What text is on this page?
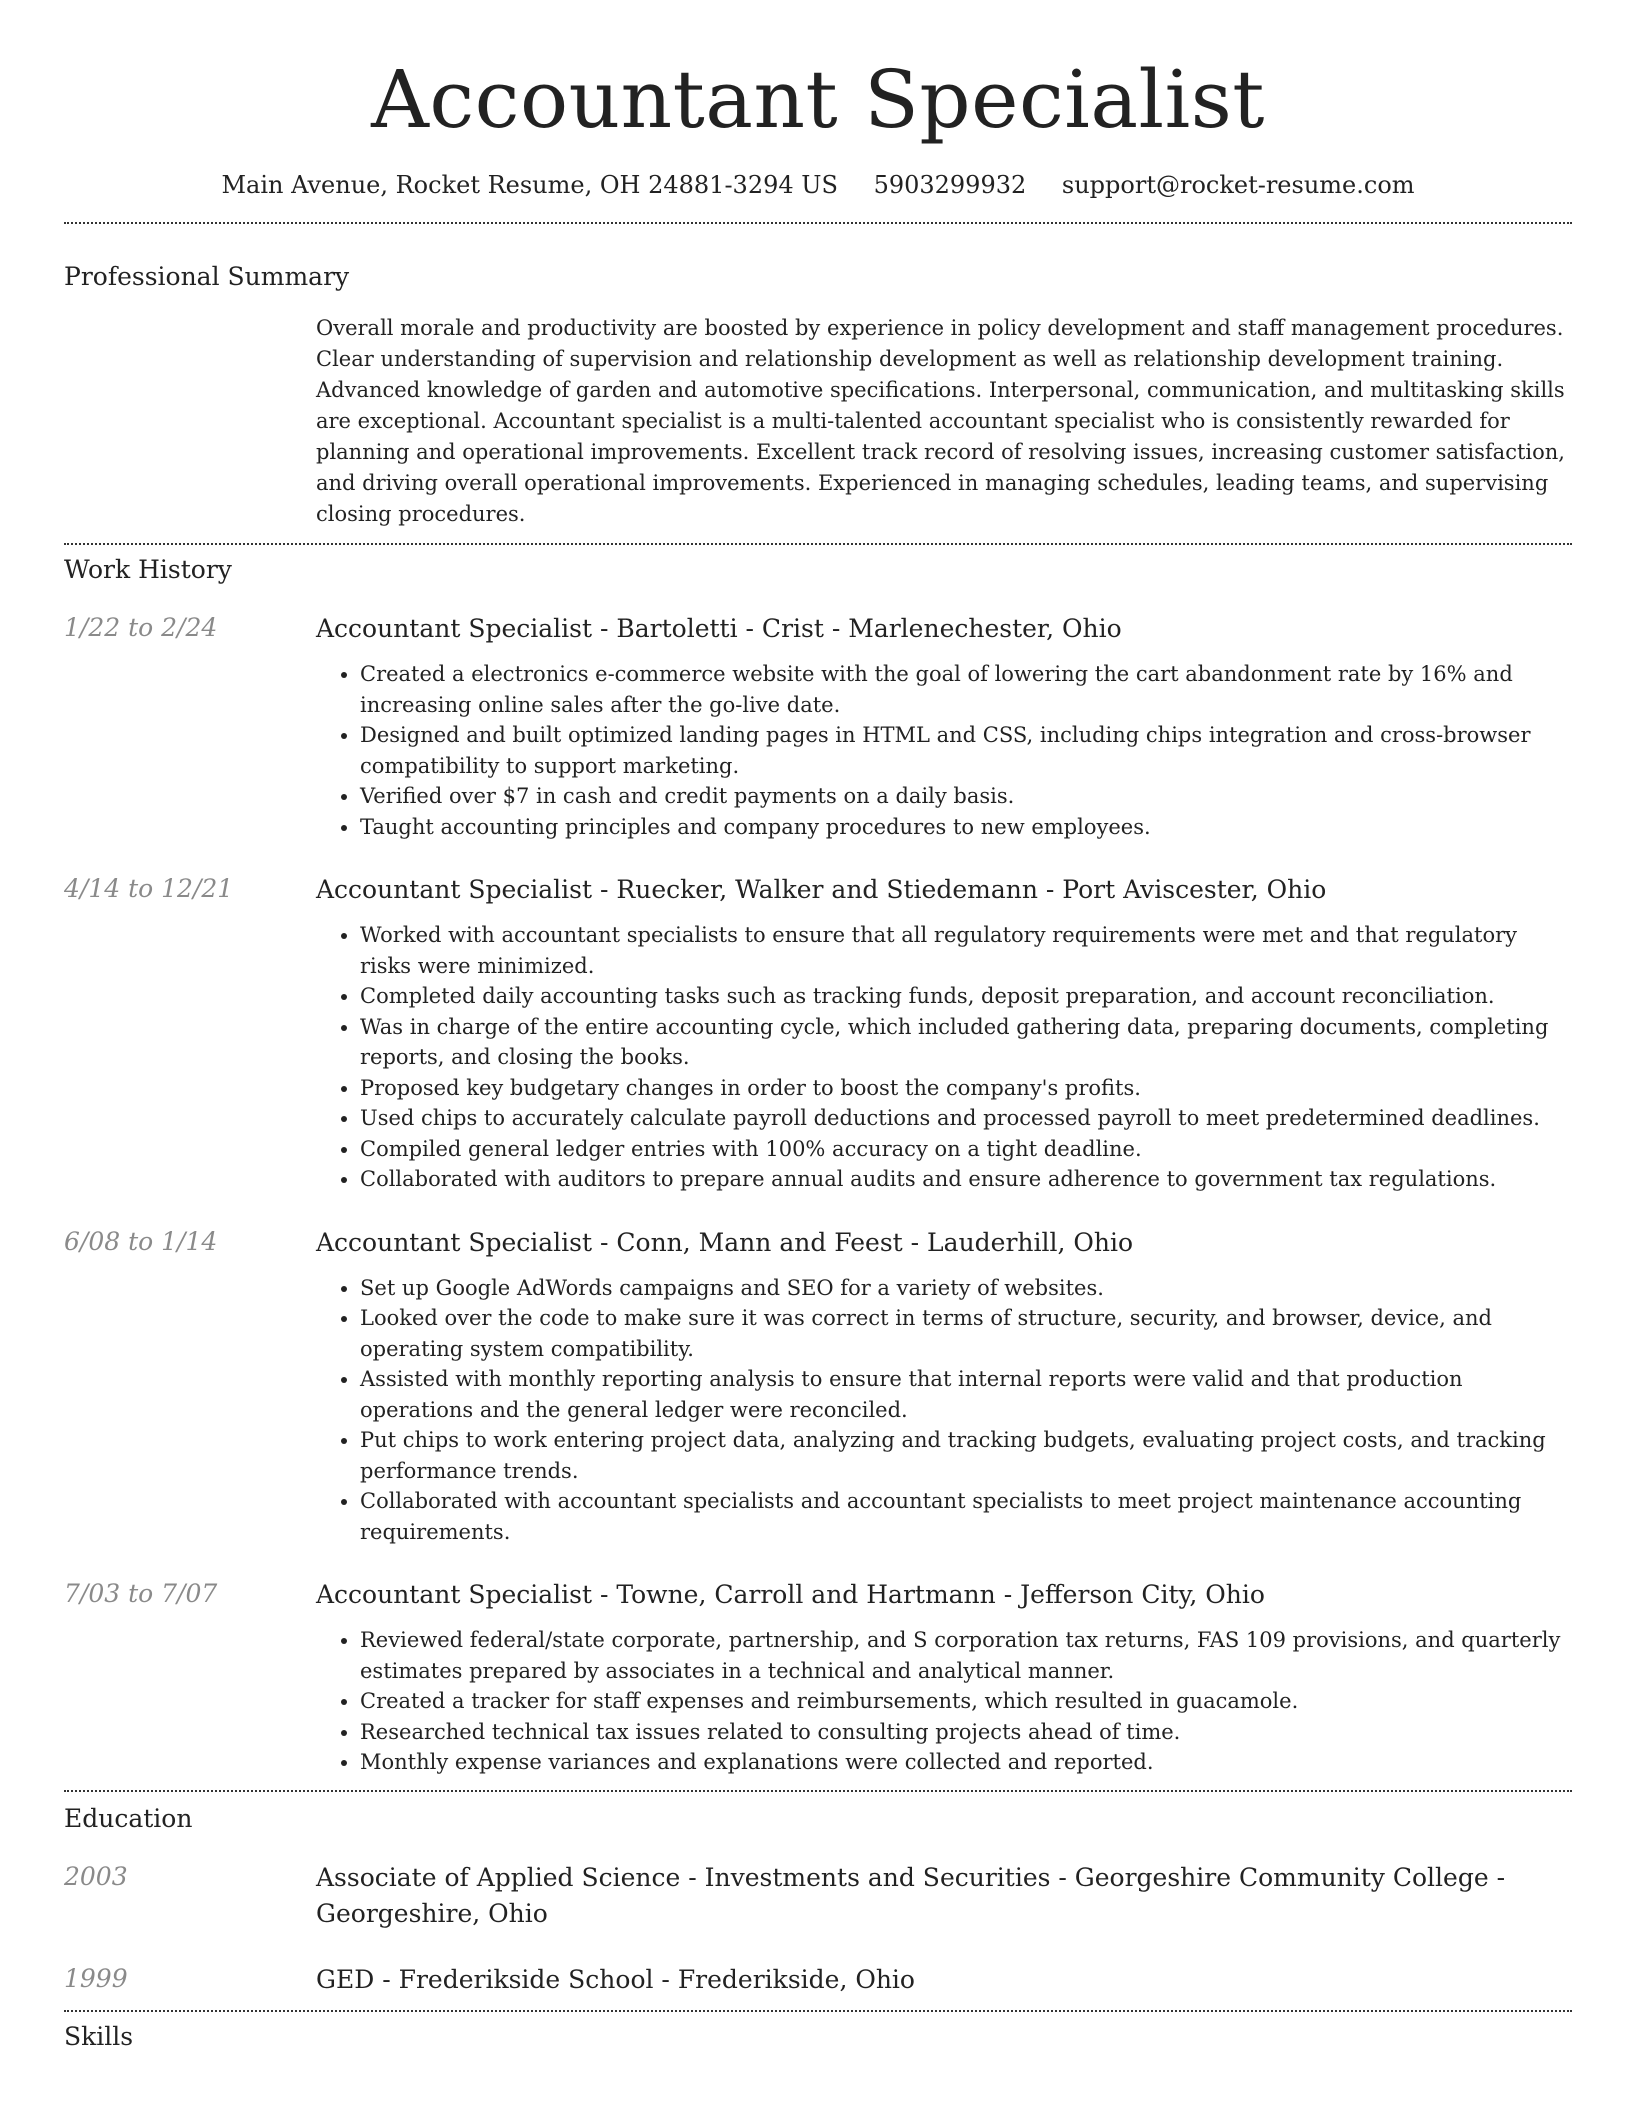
Accountant Specialist
Main Avenue, Rocket Resume, OH 24881-3294 US 5903299932 support@rocket-resume.com
Professional Summary
Overall morale and productivity are boosted by experience in policy development and staff management procedures. Clear understanding of supervision and relationship development as well as relationship development training. Advanced knowledge of garden and automotive specifications. Interpersonal, communication, and multitasking skills are exceptional. Accountant specialist is a multi-talented accountant specialist who is consistently rewarded for planning and operational improvements. Excellent track record of resolving issues, increasing customer satisfaction, and driving overall operational improvements. Experienced in managing schedules, leading teams, and supervising closing procedures.
Work History
1/22 to 2/24	Accountant Specialist - Bartoletti - Crist - Marlenechester, Ohio
• Created a electronics e-commerce website with the goal of lowering the cart abandonment rate by 16% and increasing online sales after the go-live date.
• Designed and built optimized landing pages in HTML and CSS, including chips integration and cross-browser compatibility to support marketing.
• Verified over $7 in cash and credit payments on a daily basis.
• Taught accounting principles and company procedures to new employees.
4/14 to 12/21	Accountant Specialist - Ruecker, Walker and Stiedemann - Port Aviscester, Ohio
• Worked with accountant specialists to ensure that all regulatory requirements were met and that regulatory risks were minimized.
• Completed daily accounting tasks such as tracking funds, deposit preparation, and account reconciliation.
• Was in charge of the entire accounting cycle, which included gathering data, preparing documents, completing reports, and closing the books.
• Proposed key budgetary changes in order to boost the company's profits.
• Used chips to accurately calculate payroll deductions and processed payroll to meet predetermined deadlines.
• Compiled general ledger entries with 100% accuracy on a tight deadline.
• Collaborated with auditors to prepare annual audits and ensure adherence to government tax regulations.
6/08 to 1/14	Accountant Specialist - Conn, Mann and Feest - Lauderhill, Ohio
• Set up Google AdWords campaigns and SEO for a variety of websites.
• Looked over the code to make sure it was correct in terms of structure, security, and browser, device, and operating system compatibility.
• Assisted with monthly reporting analysis to ensure that internal reports were valid and that production operations and the general ledger were reconciled.
• Put chips to work entering project data, analyzing and tracking budgets, evaluating project costs, and tracking performance trends.
• Collaborated with accountant specialists and accountant specialists to meet project maintenance accounting requirements.
7/03 to 7/07	Accountant Specialist - Towne, Carroll and Hartmann - Jefferson City, Ohio
• Reviewed federal/state corporate, partnership, and S corporation tax returns, FAS 109 provisions, and quarterly estimates prepared by associates in a technical and analytical manner.
• Created a tracker for staff expenses and reimbursements, which resulted in guacamole.
• Researched technical tax issues related to consulting projects ahead of time.
• Monthly expense variances and explanations were collected and reported.
Education
2003	Associate of Applied Science - Investments and Securities - Georgeshire Community College - Georgeshire, Ohio
1999	GED - Frederikside School - Frederikside, Ohio
Skills
